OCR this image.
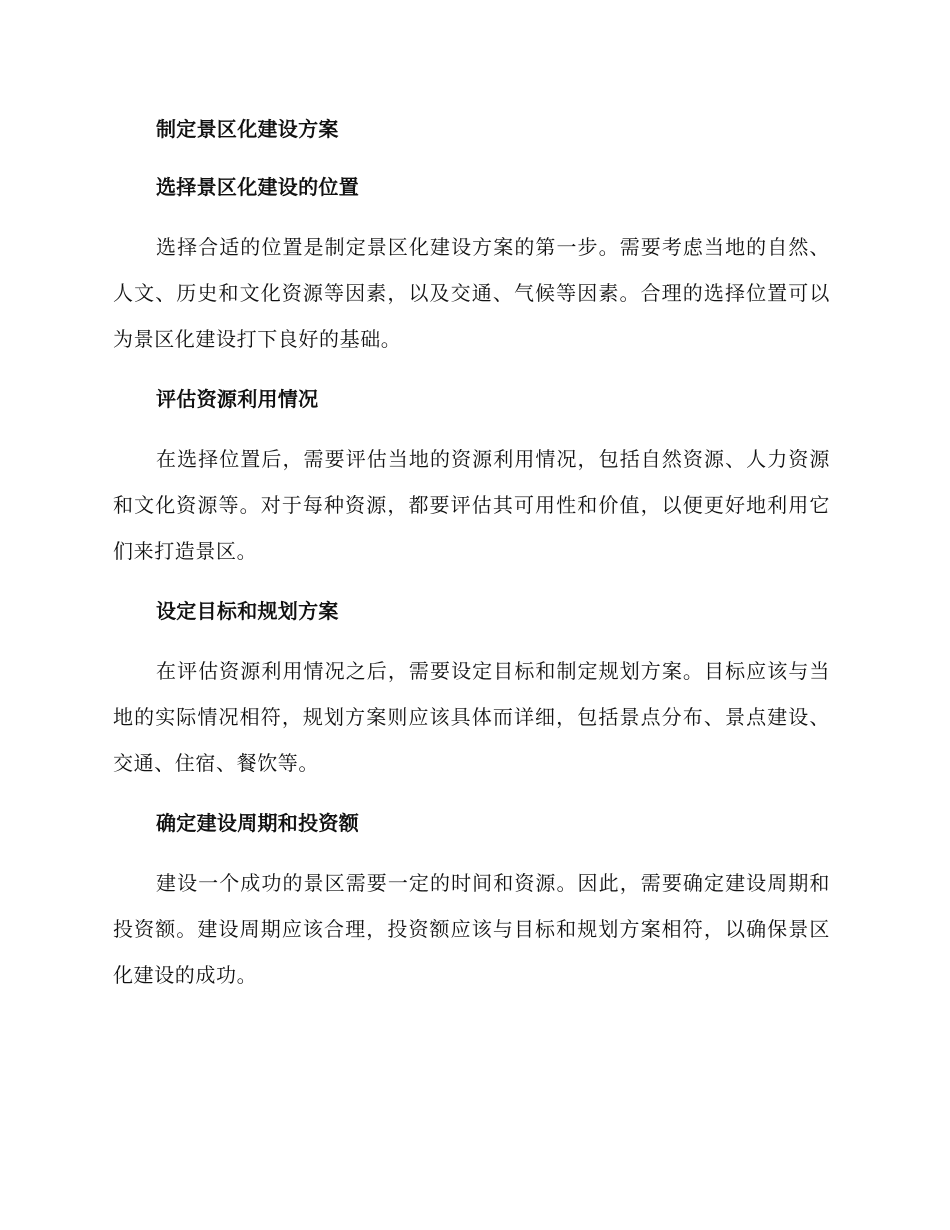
制定景区化建设方案
选择景区化建设的位置

选择合适的位置是制定景区化建设方案的第一步。需要考虑当地的自然、人文、历史和文化资源等因素，以及交通、气候等因素。合理的选择位置可以为景区化建设打下良好的基础。

评估资源利用情况

在选择位置后，需要评估当地的资源利用情况，包括自然资源、人力资源和文化资源等。对于每种资源，都要评估其可用性和价值，以便更好地利用它们来打造景区。

设定目标和规划方案

在评估资源利用情况之后，需要设定目标和制定规划方案。目标应该与当地的实际情况相符，规划方案则应该具体而详细，包括景点分布、景点建设、交通、住宿、餐饮等。

确定建设周期和投资额

建设一个成功的景区需要一定的时间和资源。因此，需要确定建设周期和投资额。建设周期应该合理，投资额应该与目标和规划方案相符，以确保景区化建设的成功。
